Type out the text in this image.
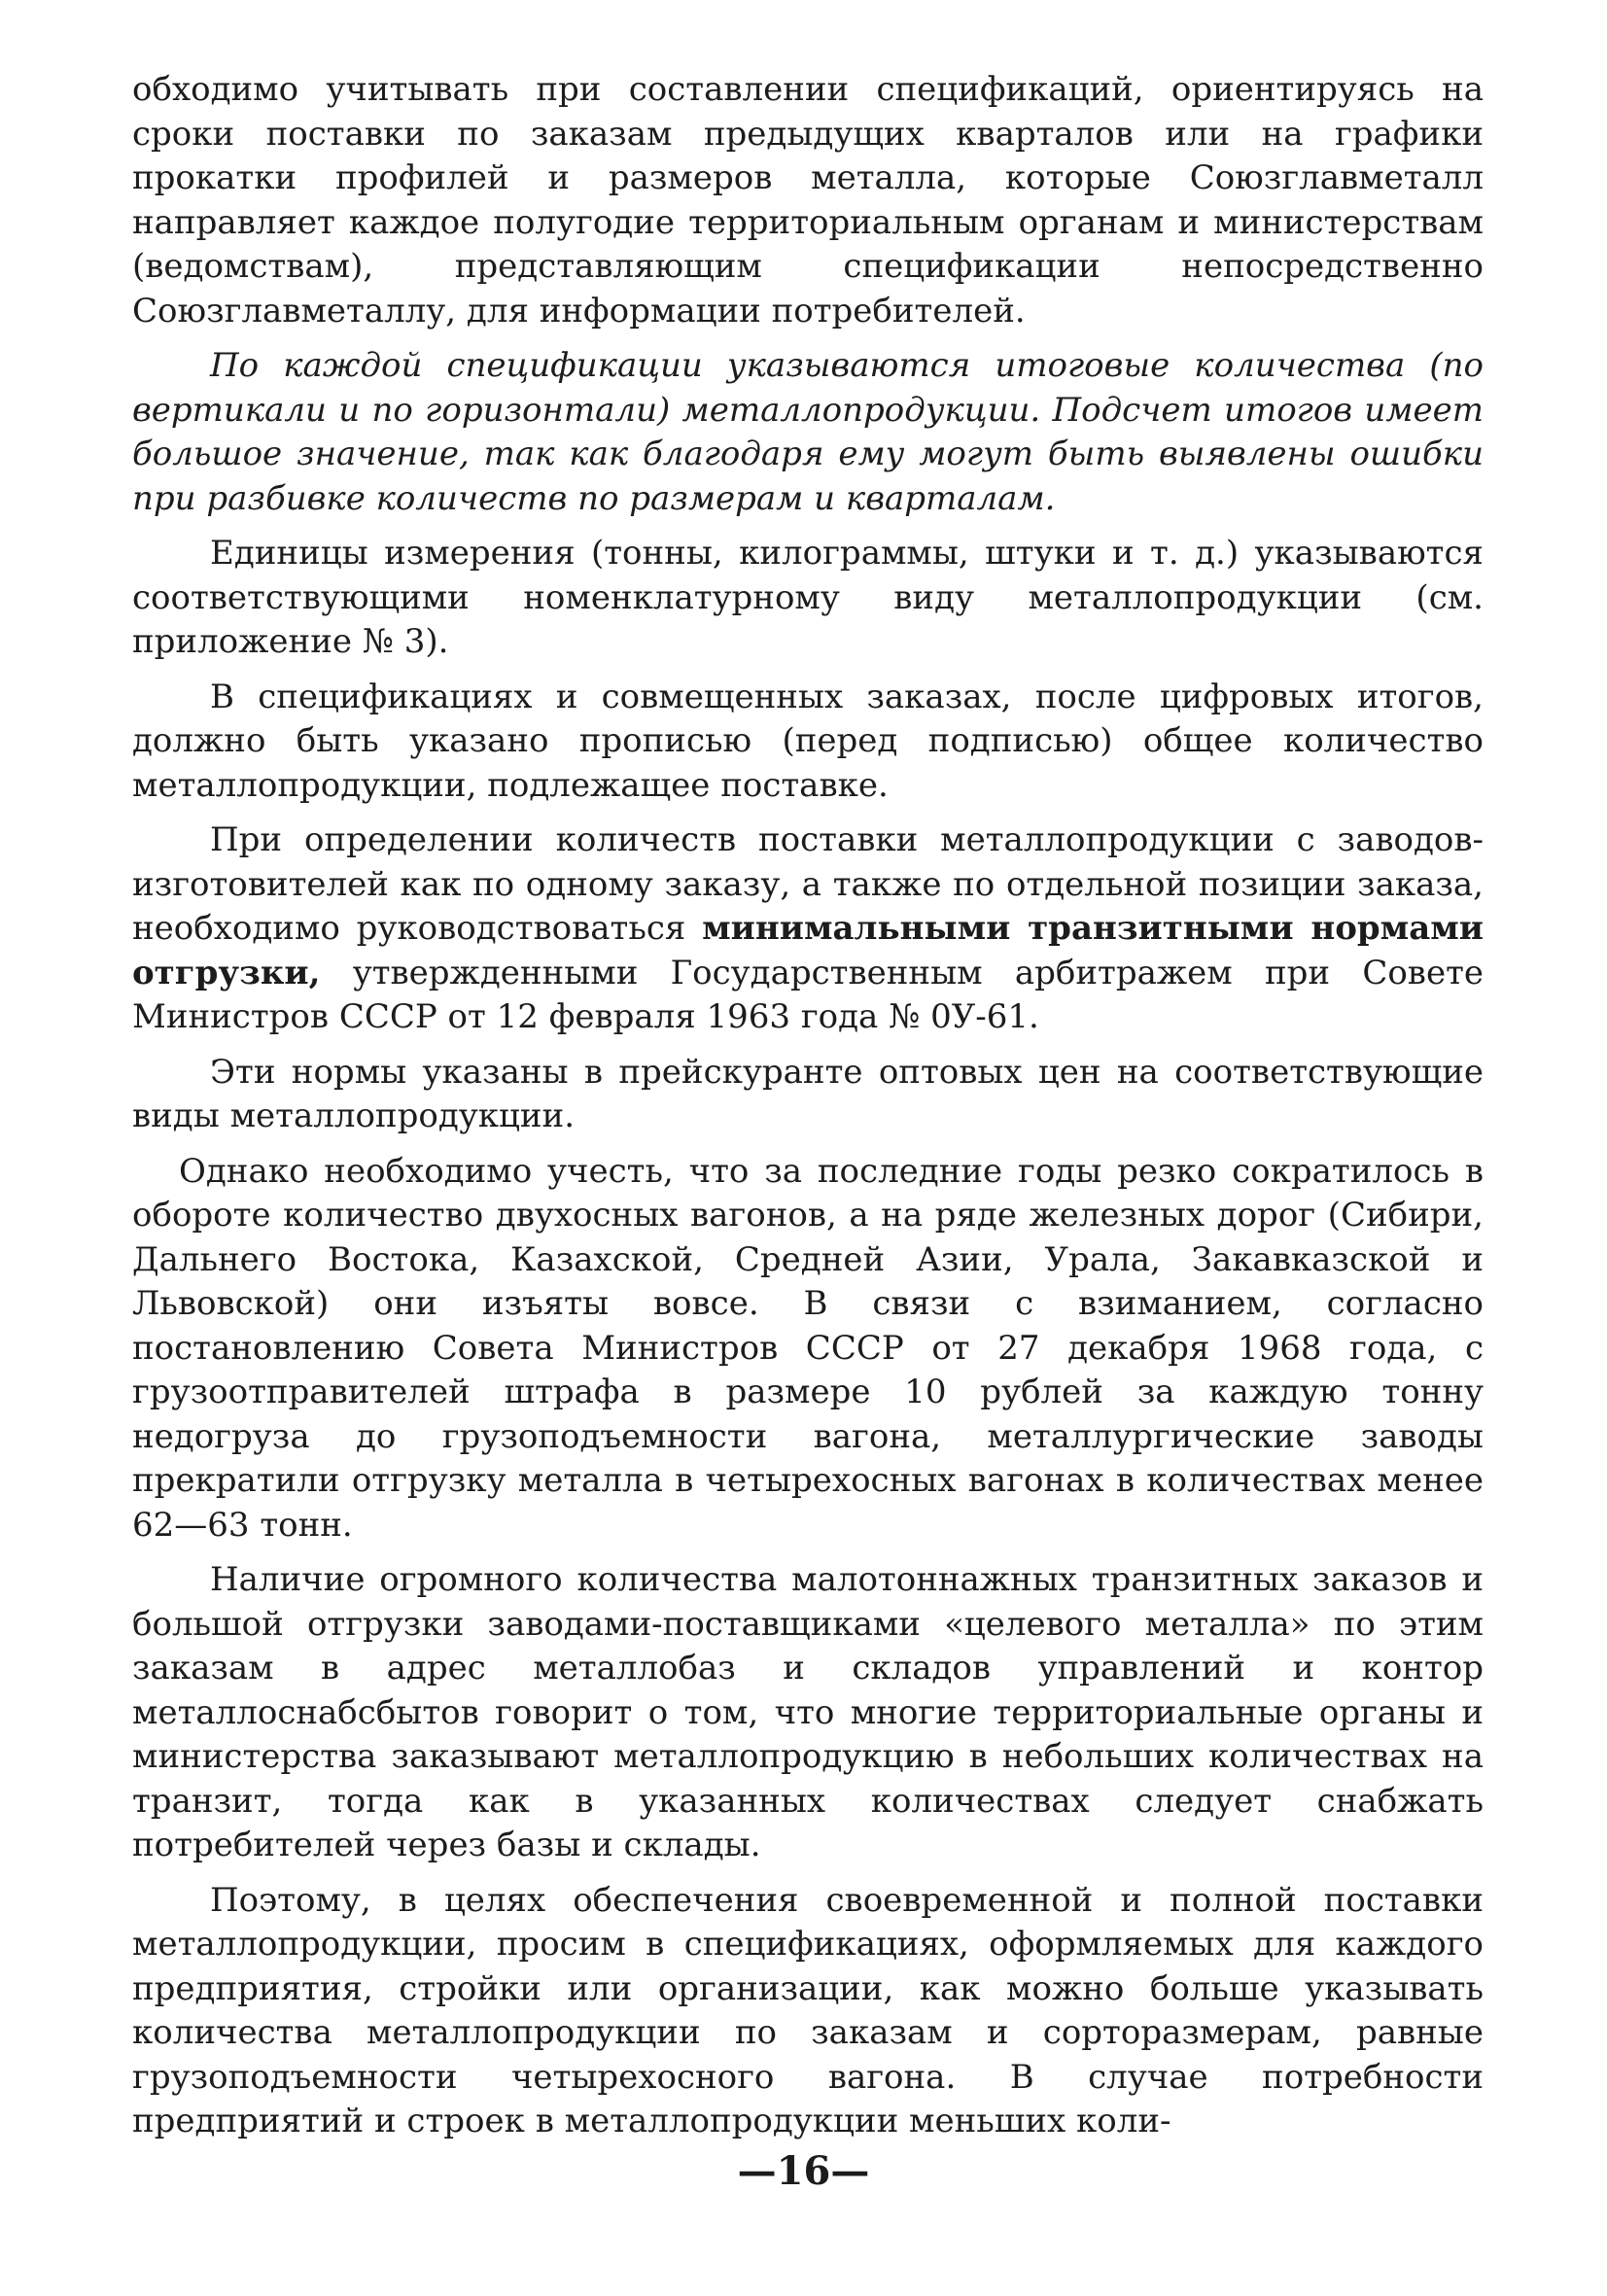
обходимо учитывать при составлении спецификаций, ориентируясь на сроки поставки по заказам предыдущих кварталов или на графики прокатки профилей и размеров металла, которые Союзглавметалл направляет каждое полугодие территориальным органам и министерствам (ведомствам), представляющим спецификации непосредственно Союзглавметаллу, для информации потребителей.

По каждой спецификации указываются итоговые количества (по вертикали и по горизонтали) металлопродукции. Подсчет итогов имеет большое значение, так как благодаря ему могут быть выявлены ошибки при разбивке количеств по размерам и кварталам.

Единицы измерения (тонны, килограммы, штуки и т. д.) указываются соответствующими номенклатурному виду металлопродукции (см. приложение № 3).

В спецификациях и совмещенных заказах, после цифровых итогов, должно быть указано прописью (перед подписью) общее количество металлопродукции, подлежащее поставке.

При определении количеств поставки металлопродукции с заводов-изготовителей как по одному заказу, а также по отдельной позиции заказа, необходимо руководствоваться минимальными транзитными нормами отгрузки, утвержденными Государственным арбитражем при Совете Министров СССР от 12 февраля 1963 года № 0У-61.

Эти нормы указаны в прейскуранте оптовых цен на соответствующие виды металлопродукции.

Однако необходимо учесть, что за последние годы резко сократилось в обороте количество двухосных вагонов, а на ряде железных дорог (Сибири, Дальнего Востока, Казахской, Средней Азии, Урала, Закавказской и Львовской) они изъяты вовсе. В связи с взиманием, согласно постановлению Совета Министров СССР от 27 декабря 1968 года, с грузоотправителей штрафа в размере 10 рублей за каждую тонну недогруза до грузоподъемности вагона, металлургические заводы прекратили отгрузку металла в четырехосных вагонах в количествах менее 62—63 тонн.

Наличие огромного количества малотоннажных транзитных заказов и большой отгрузки заводами-поставщиками «целевого металла» по этим заказам в адрес металлобаз и складов управлений и контор металлоснабсбытов говорит о том, что многие территориальные органы и министерства заказывают металлопродукцию в небольших количествах на транзит, тогда как в указанных количествах следует снабжать потребителей через базы и склады.

Поэтому, в целях обеспечения своевременной и полной поставки металлопродукции, просим в спецификациях, оформляемых для каждого предприятия, стройки или организации, как можно больше указывать количества металлопродукции по заказам и сорторазмерам, равные грузоподъемности четырехосного вагона. В случае потребности предприятий и строек в металлопродукции меньших коли-

—16—
